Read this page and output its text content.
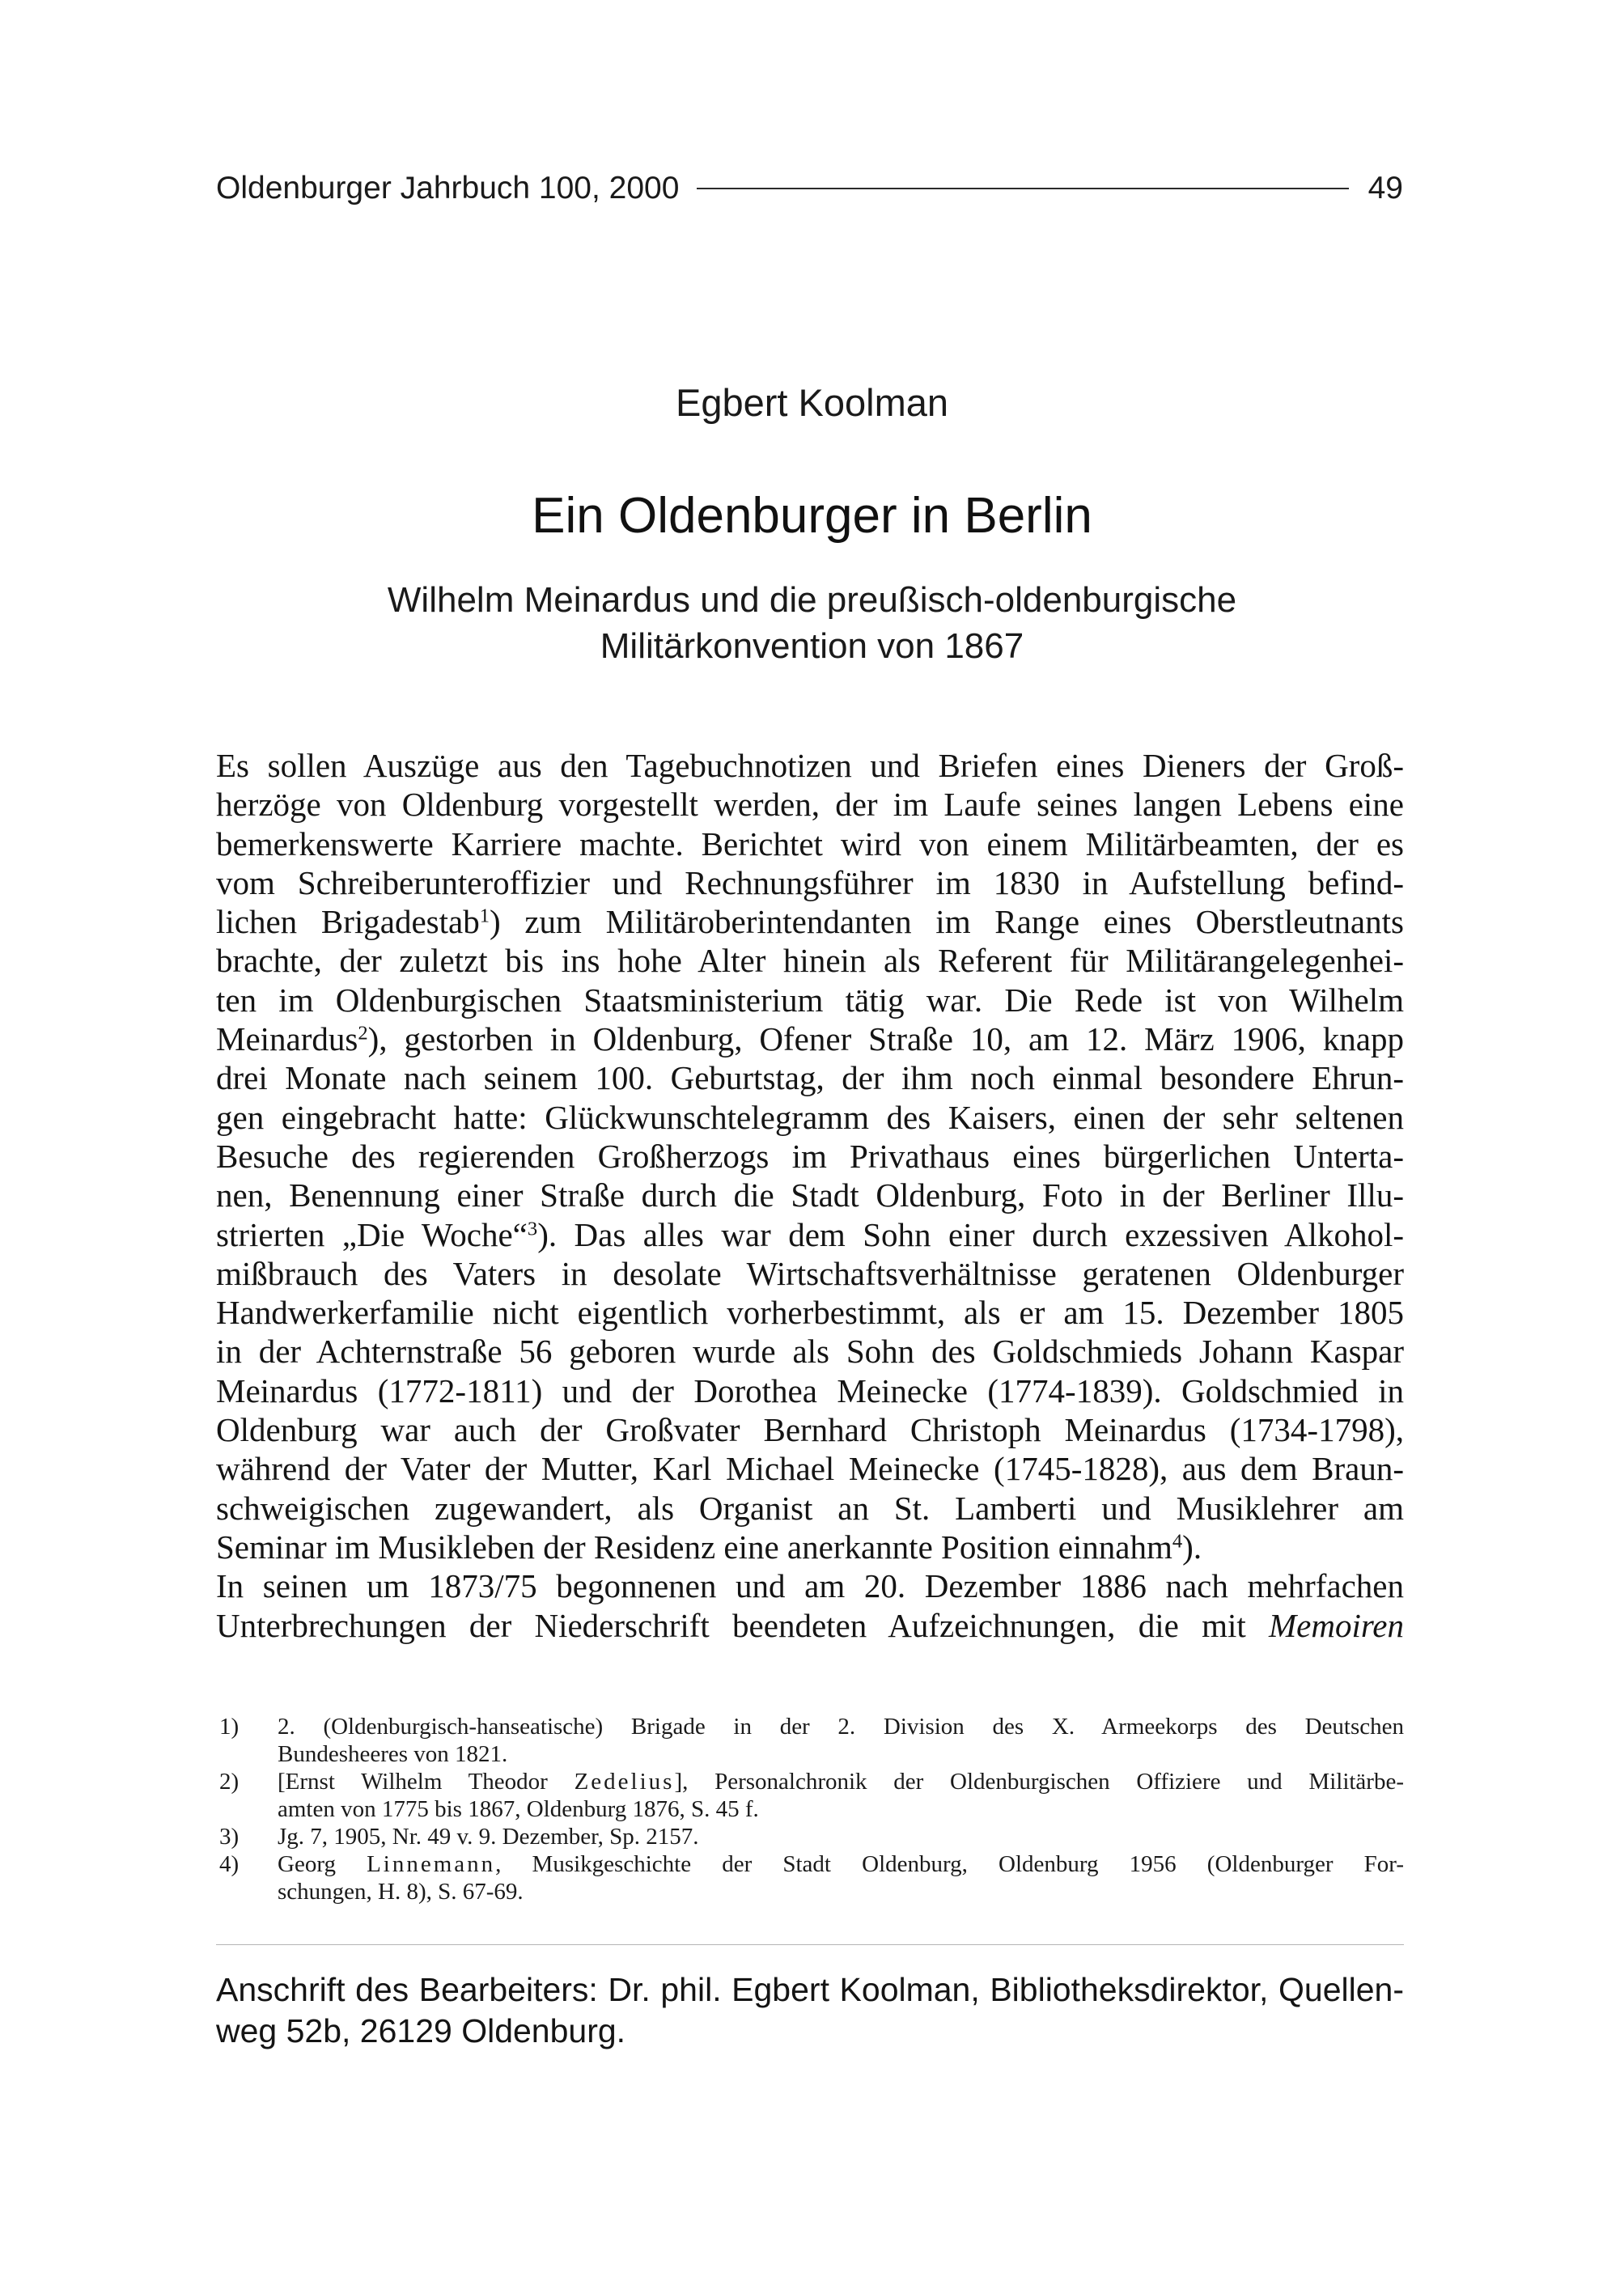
Oldenburger Jahrbuch 100, 2000	49
Egbert Koolman
Ein Oldenburger in Berlin
Wilhelm Meinardus und die preußisch-oldenburgische
Militärkonvention von 1867
Es sollen Auszüge aus den Tagebuchnotizen und Briefen eines Dieners der Groß-
herzöge von Oldenburg vorgestellt werden, der im Laufe seines langen Lebens eine
bemerkenswerte Karriere machte. Berichtet wird von einem Militärbeamten, der es
vom Schreiberunteroffizier und Rechnungsführer im 1830 in Aufstellung befind-
lichen Brigadestab$^1$) zum Militäroberintendanten im Range eines Oberstleutnants
brachte, der zuletzt bis ins hohe Alter hinein als Referent für Militärangelegenhei-
ten im Oldenburgischen Staatsministerium tätig war. Die Rede ist von Wilhelm
Meinardus$^2$), gestorben in Oldenburg, Ofener Straße 10, am 12. März 1906, knapp
drei Monate nach seinem 100. Geburtstag, der ihm noch einmal besondere Ehrun-
gen eingebracht hatte: Glückwunschtelegramm des Kaisers, einen der sehr seltenen
Besuche des regierenden Großherzogs im Privathaus eines bürgerlichen Unterta-
nen, Benennung einer Straße durch die Stadt Oldenburg, Foto in der Berliner Illu-
strierten „Die Woche“$^3$). Das alles war dem Sohn einer durch exzessiven Alkohol-
mißbrauch des Vaters in desolate Wirtschaftsverhältnisse geratenen Oldenburger
Handwerkerfamilie nicht eigentlich vorherbestimmt, als er am 15. Dezember 1805
in der Achternstraße 56 geboren wurde als Sohn des Goldschmieds Johann Kaspar
Meinardus (1772-1811) und der Dorothea Meinecke (1774-1839). Goldschmied in
Oldenburg war auch der Großvater Bernhard Christoph Meinardus (1734-1798),
während der Vater der Mutter, Karl Michael Meinecke (1745-1828), aus dem Braun-
schweigischen zugewandert, als Organist an St. Lamberti und Musiklehrer am
Seminar im Musikleben der Residenz eine anerkannte Position einnahm$^4$).
In seinen um 1873/75 begonnenen und am 20. Dezember 1886 nach mehrfachen
Unterbrechungen der Niederschrift beendeten Aufzeichnungen, die mit Memoiren
1) 2. (Oldenburgisch-hanseatische) Brigade in der 2. Division des X. Armeekorps des Deutschen
Bundesheeres von 1821.
2) [Ernst Wilhelm Theodor Zedelius], Personalchronik der Oldenburgischen Offiziere und Militärbe-
amten von 1775 bis 1867, Oldenburg 1876, S. 45 f.
3) Jg. 7, 1905, Nr. 49 v. 9. Dezember, Sp. 2157.
4) Georg Linnemann, Musikgeschichte der Stadt Oldenburg, Oldenburg 1956 (Oldenburger For-
schungen, H. 8), S. 67-69.
Anschrift des Bearbeiters: Dr. phil. Egbert Koolman, Bibliotheksdirektor, Quellen-
weg 52b, 26129 Oldenburg.
